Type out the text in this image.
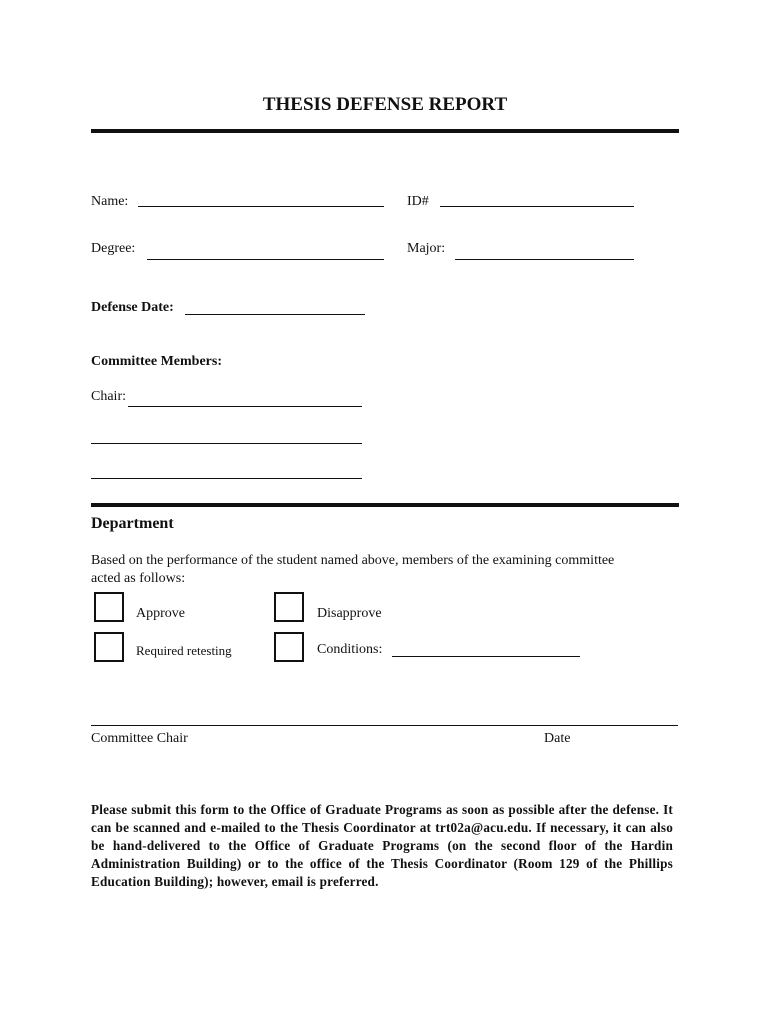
THESIS DEFENSE REPORT
Name:	ID#
Degree:	Major:
Defense Date:
Committee Members:
Chair:
Department
Based on the performance of the student named above, members of the examining committee
acted as follows:
Approve	Disapprove
Required retesting	Conditions:
Committee Chair	Date
Please submit this form to the Office of Graduate Programs as soon as possible after the defense. It can be scanned and e-mailed to the Thesis Coordinator at trt02a@acu.edu. If necessary, it can also be hand-delivered to the Office of Graduate Programs (on the second floor of the Hardin Administration Building) or to the office of the Thesis Coordinator (Room 129 of the Phillips Education Building); however, email is preferred.
